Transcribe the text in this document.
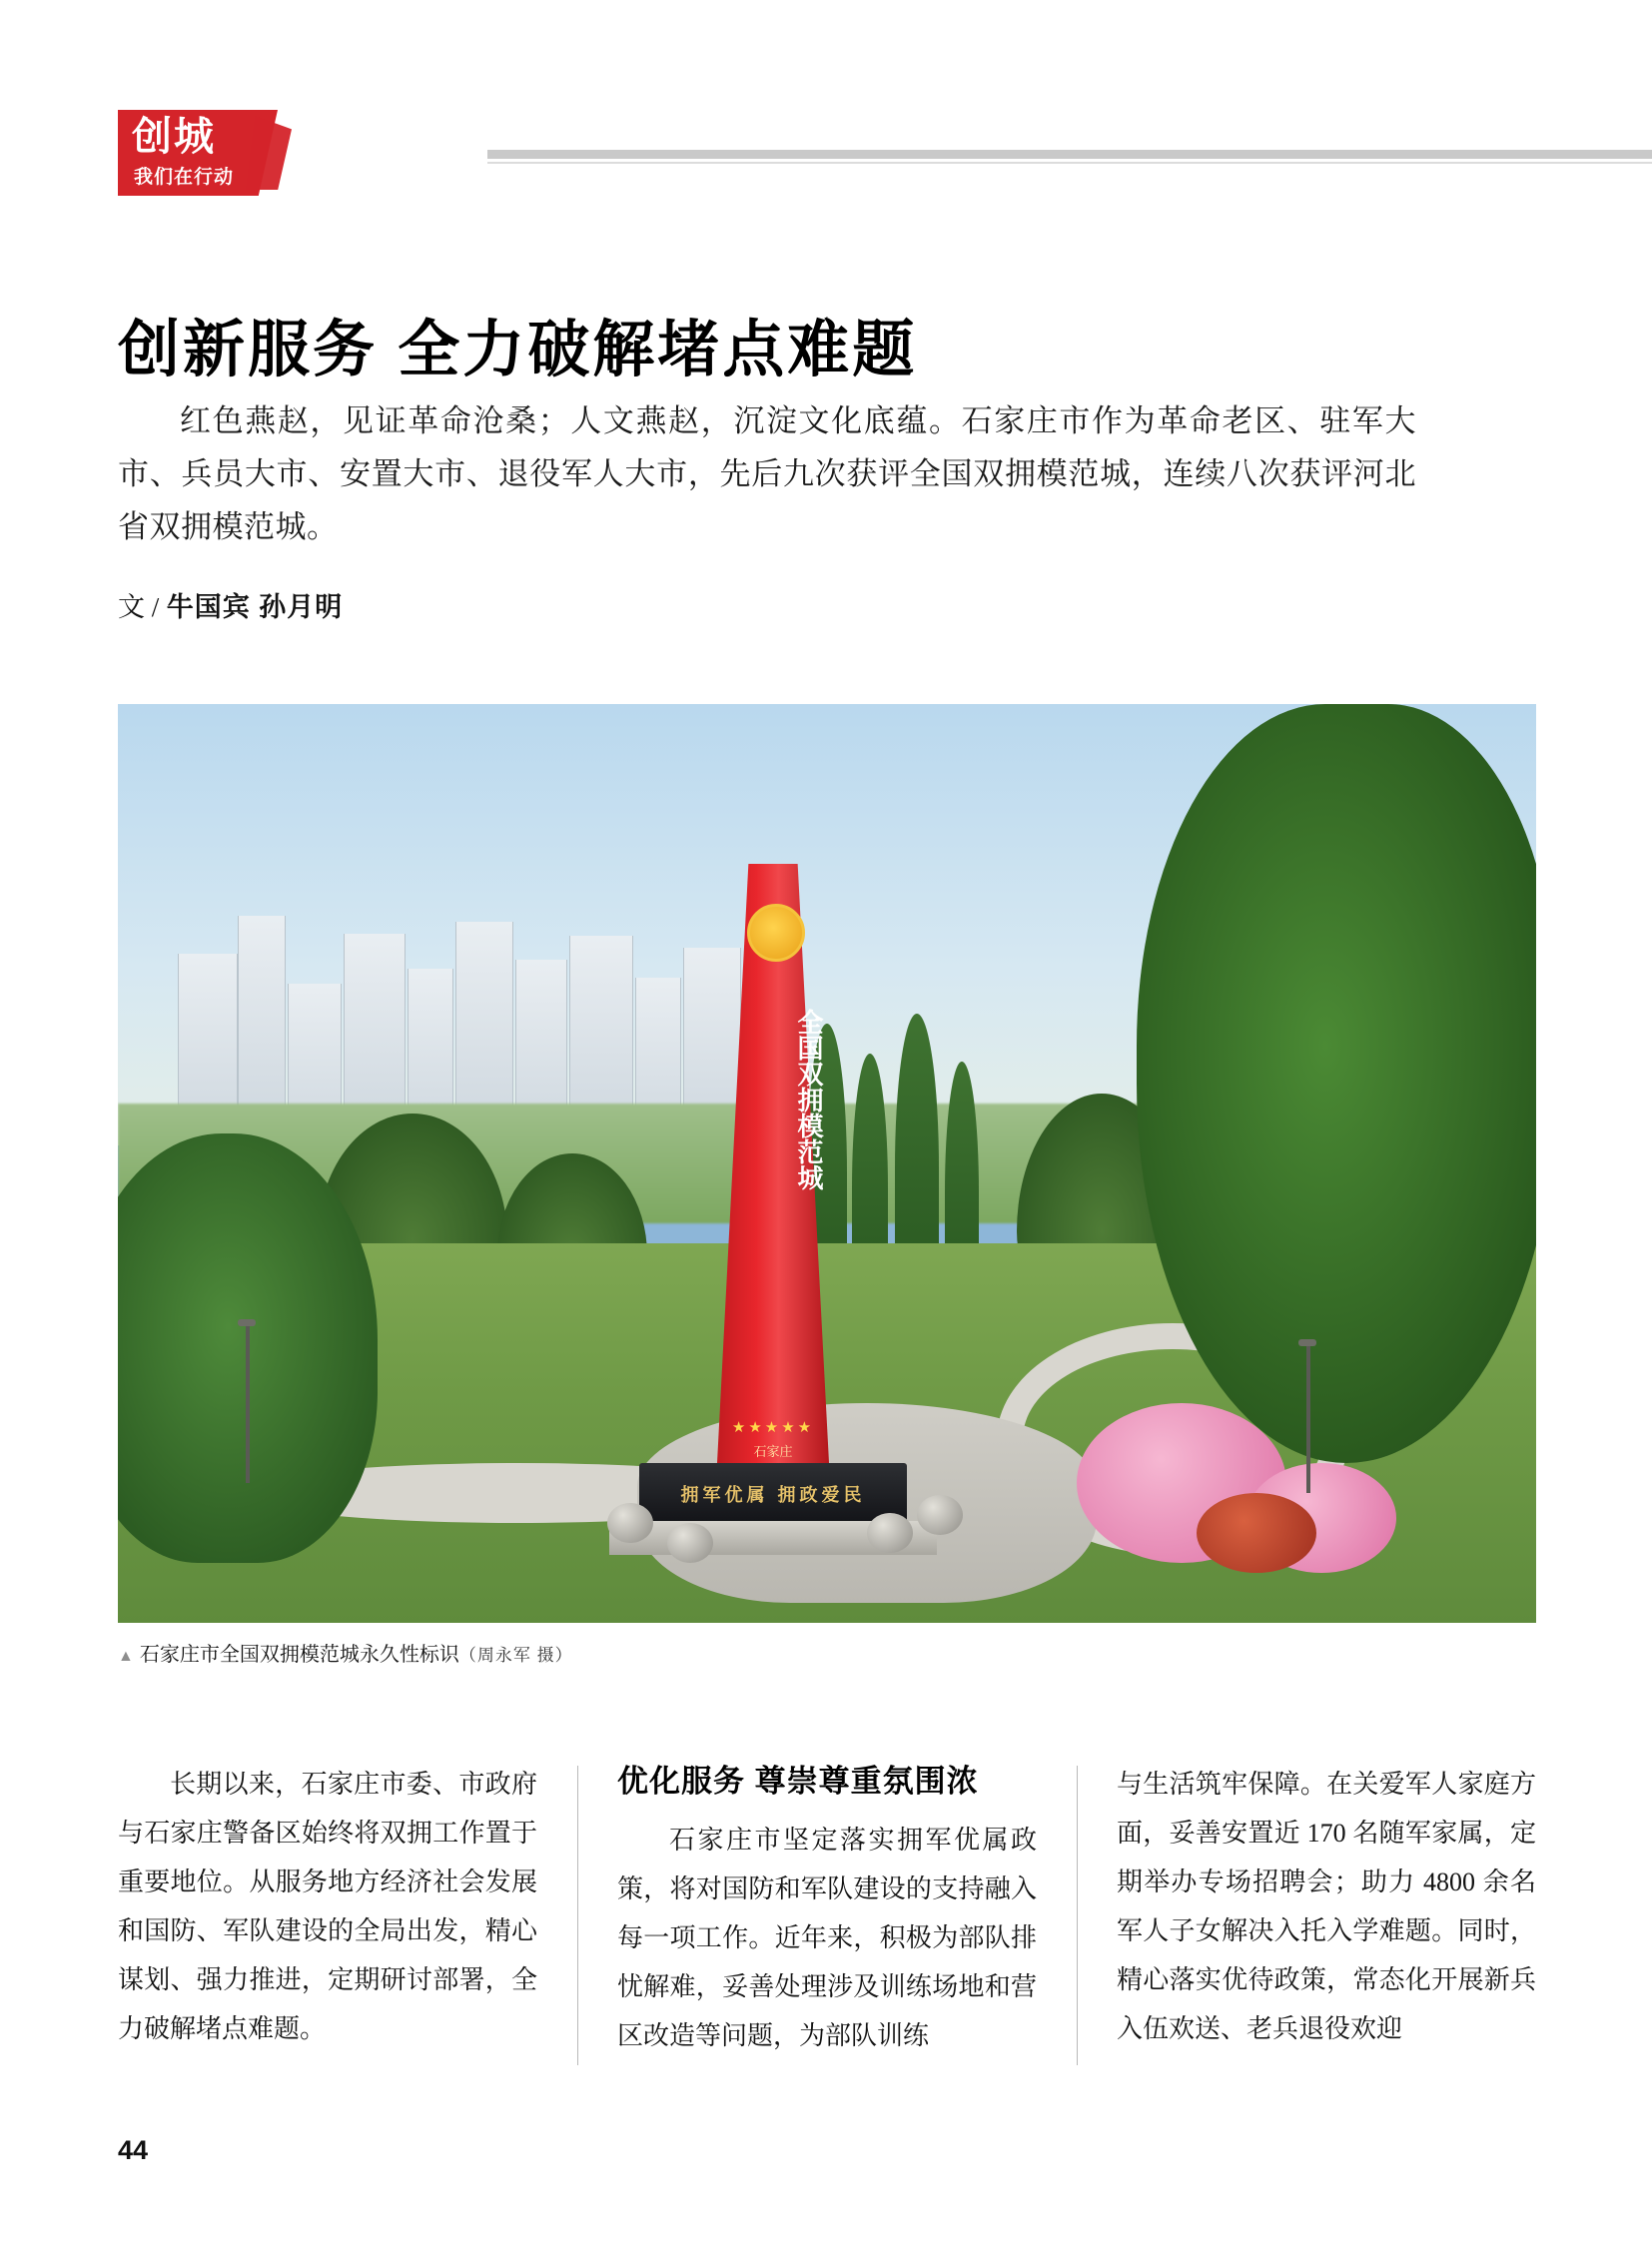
创城
我们在行动
创新服务 全力破解堵点难题
红色燕赵，见证革命沧桑；人文燕赵，沉淀文化底蕴。石家庄市作为革命老区、驻军大市、兵员大市、安置大市、退役军人大市，先后九次获评全国双拥模范城，连续八次获评河北省双拥模范城。
文 / 牛国宾 孙月明
全国双拥模范城
★★★★★
石家庄
拥军优属 拥政爱民
▲ 石家庄市全国双拥模范城永久性标识（周永军 摄）

长期以来，石家庄市委、市政府与石家庄警备区始终将双拥工作置于重要地位。从服务地方经济社会发展和国防、军队建设的全局出发，精心谋划、强力推进，定期研讨部署，全力破解堵点难题。

优化服务 尊崇尊重氛围浓

石家庄市坚定落实拥军优属政策，将对国防和军队建设的支持融入每一项工作。近年来，积极为部队排忧解难，妥善处理涉及训练场地和营区改造等问题，为部队训练

与生活筑牢保障。在关爱军人家庭方面，妥善安置近 170 名随军家属，定期举办专场招聘会；助力 4800 余名军人子女解决入托入学难题。同时，精心落实优待政策，常态化开展新兵入伍欢送、老兵退役欢迎

44
